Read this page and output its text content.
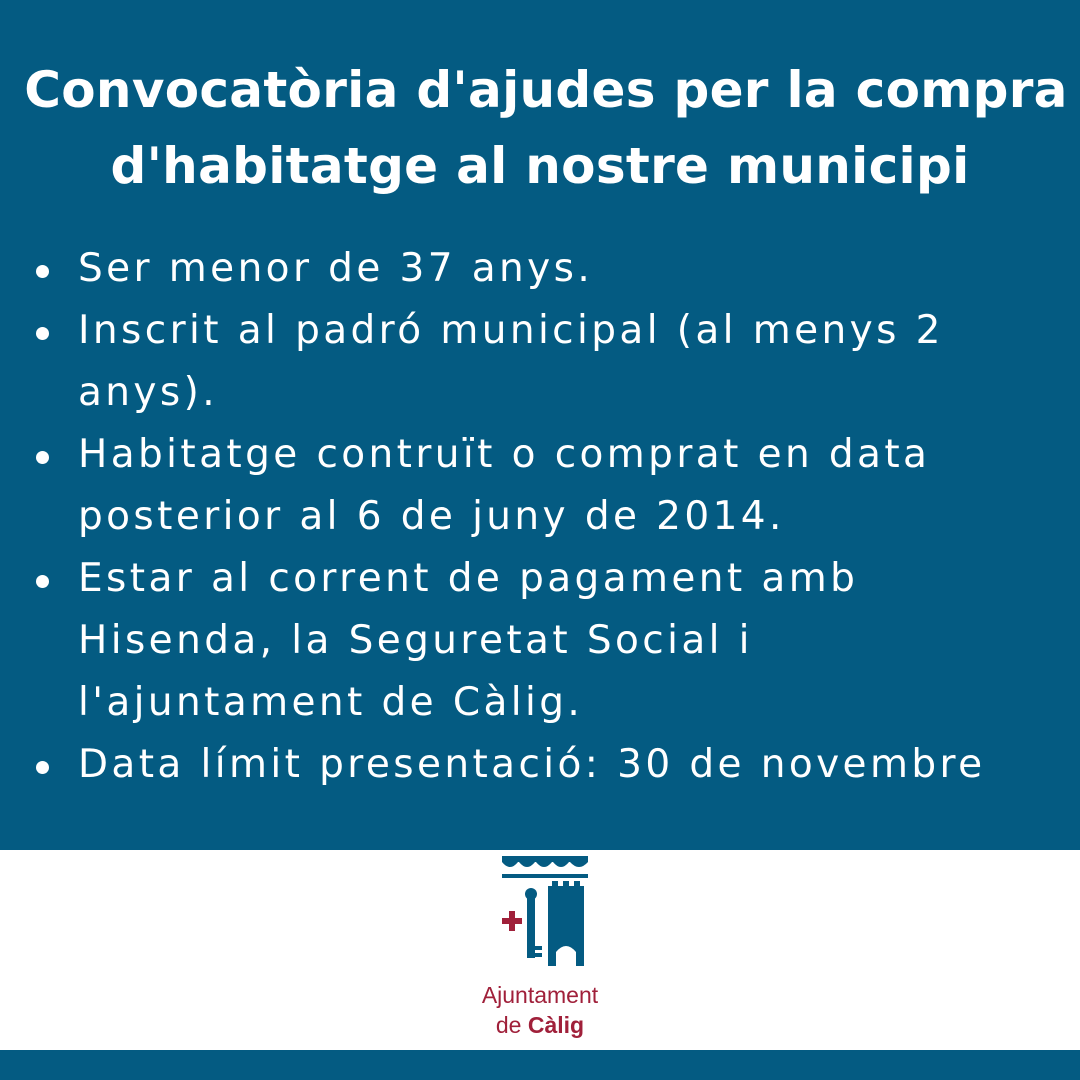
Convocatòria d'ajudes per la compra
d'habitatge al nostre municipi
Ser menor de 37 anys.
Inscrit al padró municipal (al menys 2
anys).
Habitatge contruït o comprat en data
posterior al 6 de juny de 2014.
Estar al corrent de pagament amb
Hisenda, la Seguretat Social i
l'ajuntament de Càlig.
Data límit presentació: 30 de novembre

Ajuntament
de Càlig
